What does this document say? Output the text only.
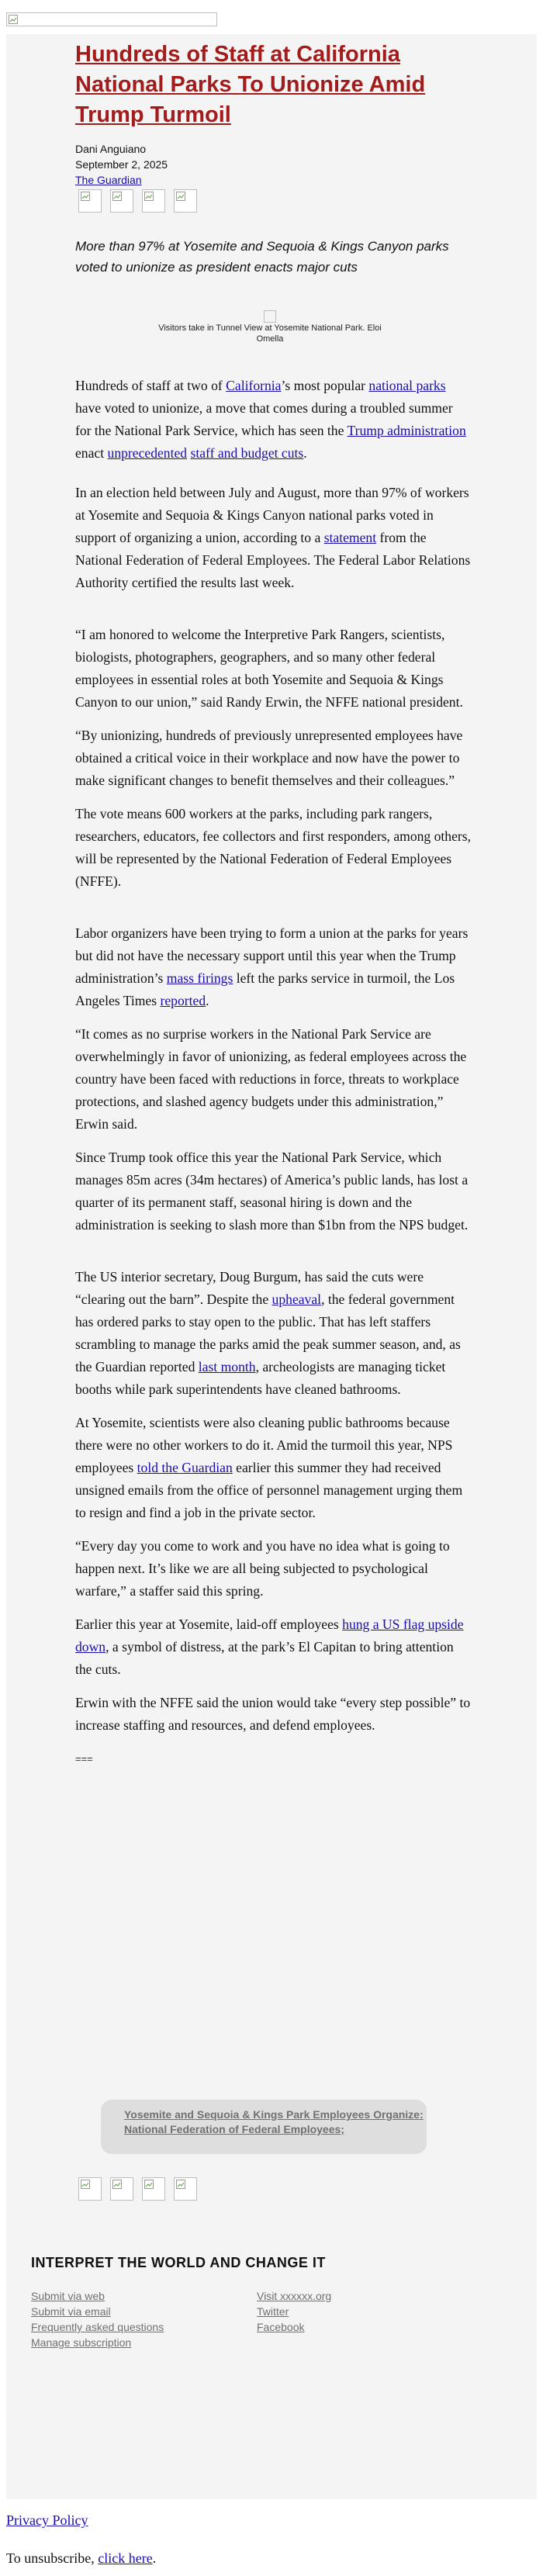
Hundreds of Staff at California National Parks To Unionize Amid Trump Turmoil
Dani Anguiano
September 2, 2025
The Guardian
More than 97% at Yosemite and Sequoia & Kings Canyon parks voted to unionize as president enacts major cuts

Visitors take in Tunnel View at Yosemite National Park. Eloi Omella

Hundreds of staff at two of California’s most popular national parks have voted to unionize, a move that comes during a troubled summer for the National Park Service, which has seen the Trump administration enact unprecedented staff and budget cuts.

In an election held between July and August, more than 97% of workers at Yosemite and Sequoia & Kings Canyon national parks voted in support of organizing a union, according to a statement from the National Federation of Federal Employees. The Federal Labor Relations Authority certified the results last week.

“I am honored to welcome the Interpretive Park Rangers, scientists, biologists, photographers, geographers, and so many other federal employees in essential roles at both Yosemite and Sequoia & Kings Canyon to our union,” said Randy Erwin, the NFFE national president.

“By unionizing, hundreds of previously unrepresented employees have obtained a critical voice in their workplace and now have the power to make significant changes to benefit themselves and their colleagues.”

The vote means 600 workers at the parks, including park rangers, researchers, educators, fee collectors and first responders, among others, will be represented by the National Federation of Federal Employees (NFFE).

Labor organizers have been trying to form a union at the parks for years but did not have the necessary support until this year when the Trump administration’s mass firings left the parks service in turmoil, the Los Angeles Times reported.

“It comes as no surprise workers in the National Park Service are overwhelmingly in favor of unionizing, as federal employees across the country have been faced with reductions in force, threats to workplace protections, and slashed agency budgets under this administration,” Erwin said.

Since Trump took office this year the National Park Service, which manages 85m acres (34m hectares) of America’s public lands, has lost a quarter of its permanent staff, seasonal hiring is down and the administration is seeking to slash more than $1bn from the NPS budget.

The US interior secretary, Doug Burgum, has said the cuts were “clearing out the barn”. Despite the upheaval, the federal government has ordered parks to stay open to the public. That has left staffers scrambling to manage the parks amid the peak summer season, and, as the Guardian reported last month, archeologists are managing ticket booths while park superintendents have cleaned bathrooms.

At Yosemite, scientists were also cleaning public bathrooms because there were no other workers to do it. Amid the turmoil this year, NPS employees told the Guardian earlier this summer they had received unsigned emails from the office of personnel management urging them to resign and find a job in the private sector.

“Every day you come to work and you have no idea what is going to happen next. It’s like we are all being subjected to psychological warfare,” a staffer said this spring.

Earlier this year at Yosemite, laid-off employees hung a US flag upside down, a symbol of distress, at the park’s El Capitan to bring attention the cuts.

Erwin with the NFFE said the union would take “every step possible” to increase staffing and resources, and defend employees.

===

Yosemite and Sequoia & Kings Park Employees Organize: National Federation of Federal Employees;
INTERPRET THE WORLD AND CHANGE IT
Submit via web
Submit via email
Frequently asked questions
Manage subscription
Visit xxxxxx.org
Twitter
Facebook
Privacy Policy
To unsubscribe, click here.
